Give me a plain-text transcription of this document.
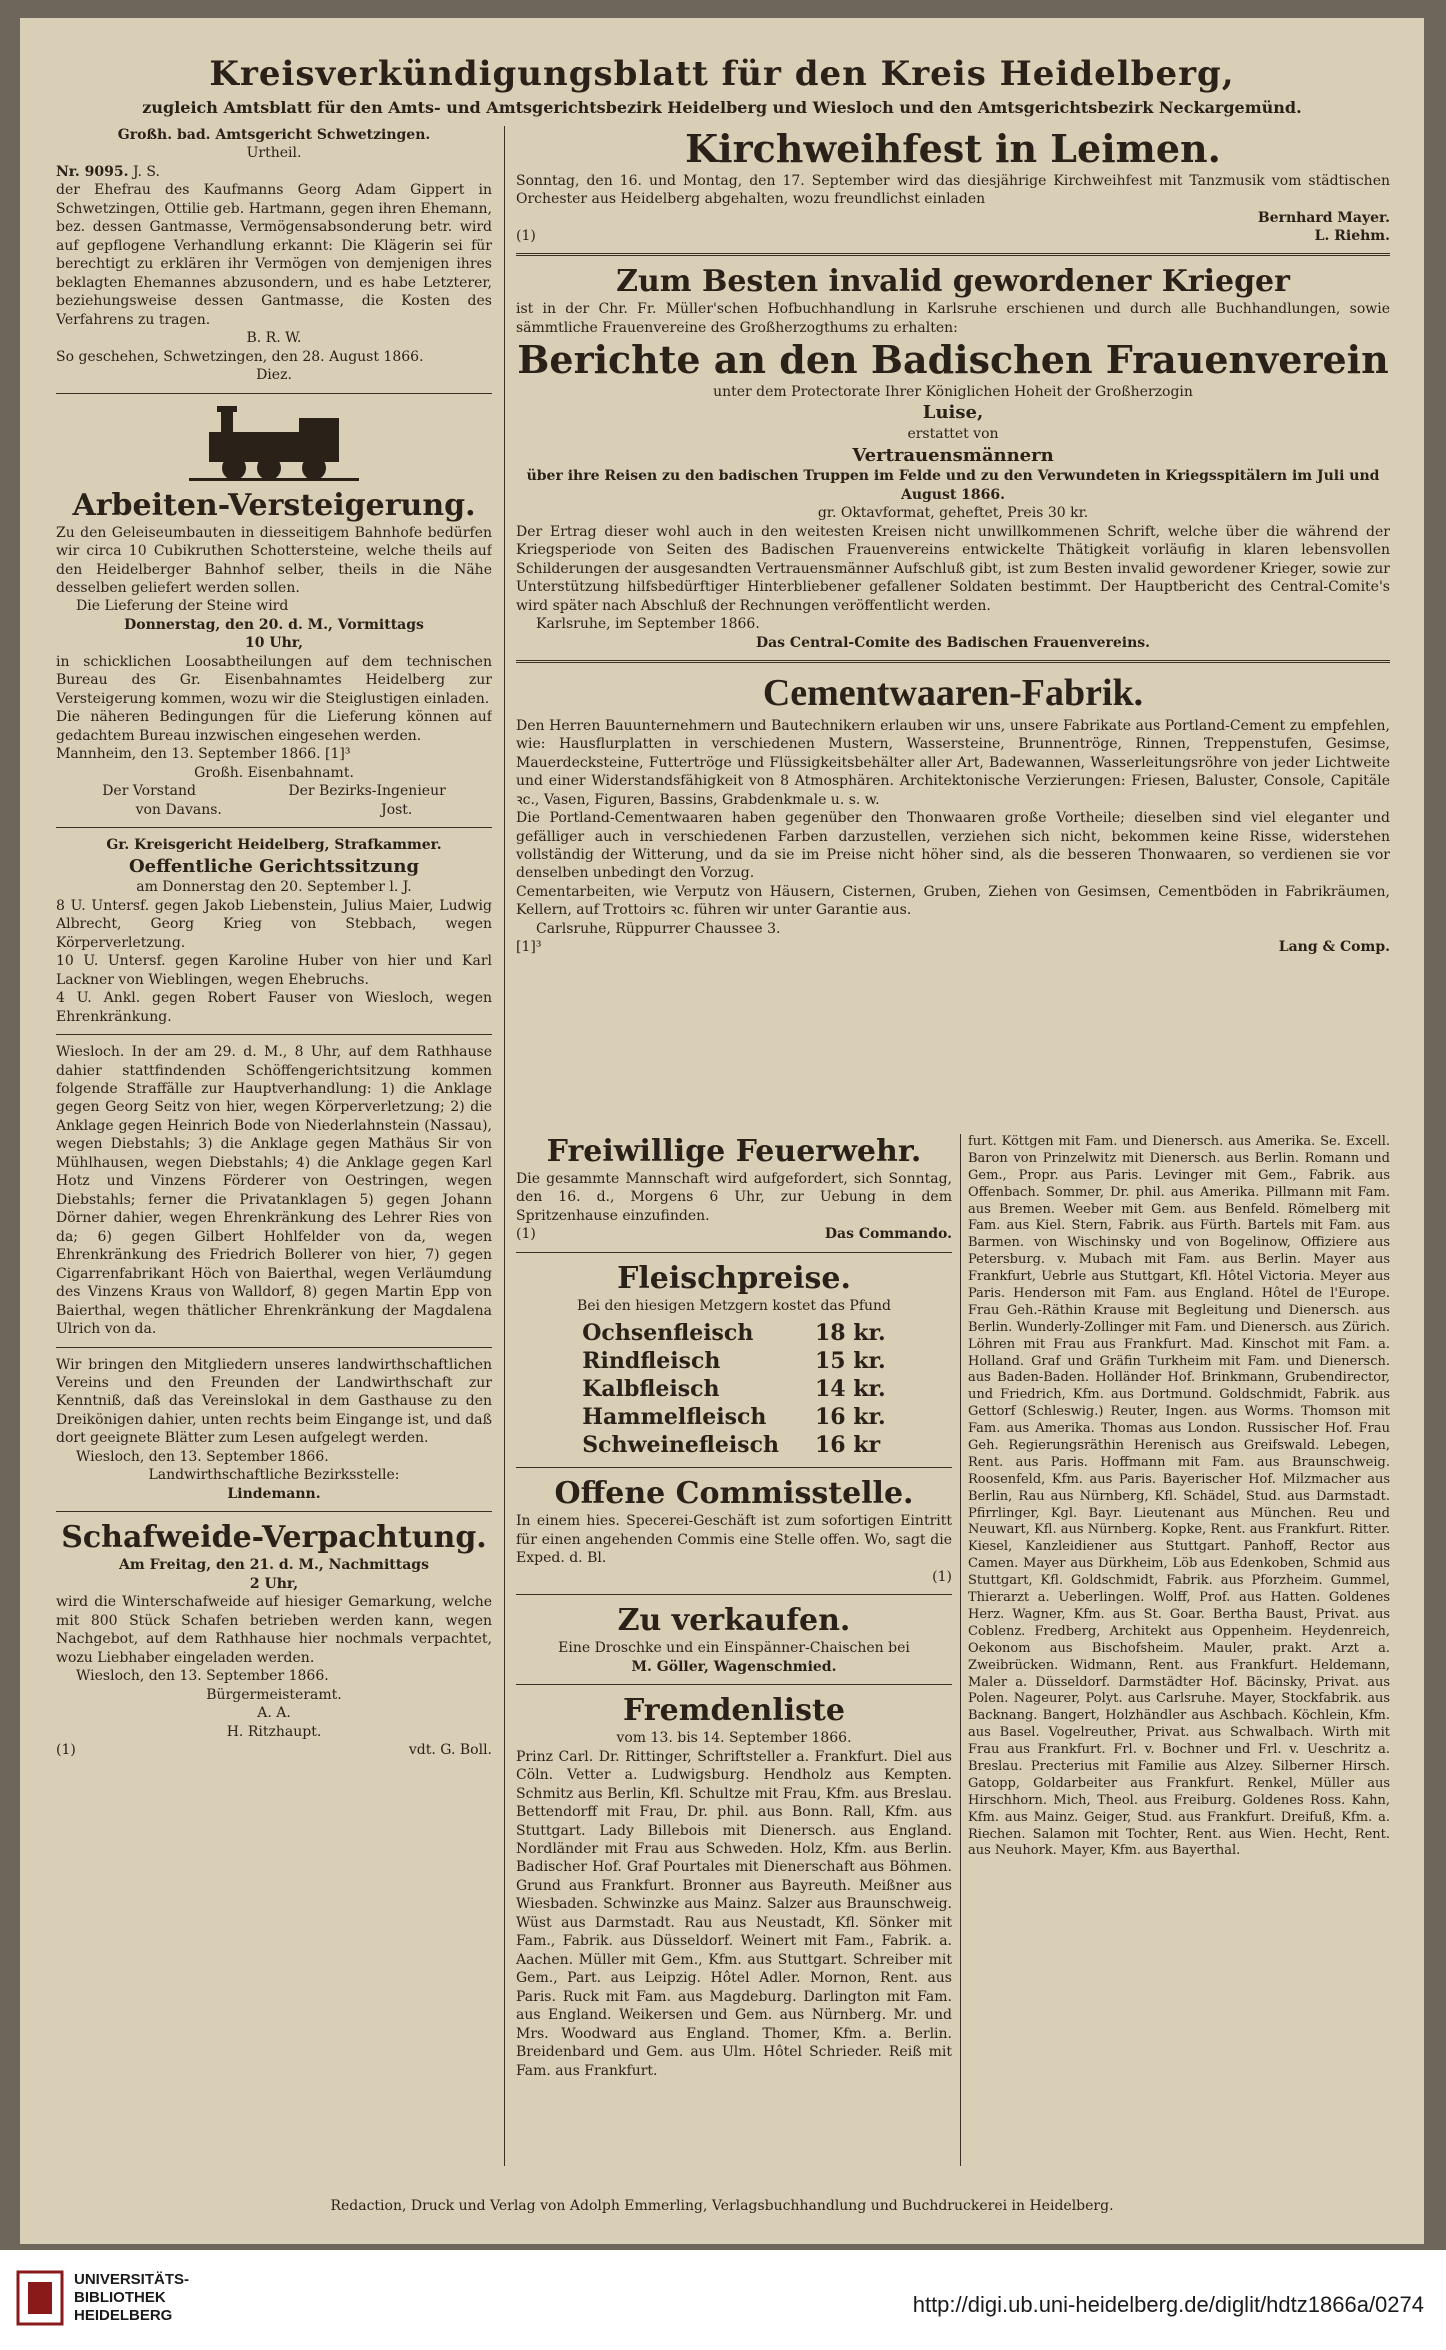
Kreisverkündigungsblatt für den Kreis Heidelberg,
zugleich Amtsblatt für den Amts- und Amtsgerichtsbezirk Heidelberg und Wiesloch und den Amtsgerichtsbezirk Neckargemünd.

Großh. bad. Amtsgericht Schwetzingen.

Urtheil.

Nr. 9095. J. S.

der Ehefrau des Kaufmanns Georg Adam Gippert in Schwetzingen, Ottilie geb. Hartmann, gegen ihren Ehemann, bez. dessen Gantmasse, Vermögensabsonderung betr. wird auf gepflogene Verhandlung erkannt: Die Klägerin sei für berechtigt zu erklären ihr Vermögen von demjenigen ihres beklagten Ehemannes abzusondern, und es habe Letzterer, beziehungsweise dessen Gantmasse, die Kosten des Verfahrens zu tragen.

B. R. W.

So geschehen, Schwetzingen, den 28. August 1866.

Diez.

Arbeiten-Versteigerung.

Zu den Geleiseumbauten in diesseitigem Bahnhofe bedürfen wir circa 10 Cubikruthen Schottersteine, welche theils auf den Heidelberger Bahnhof selber, theils in die Nähe desselben geliefert werden sollen.

Die Lieferung der Steine wird

Donnerstag, den 20. d. M., Vormittags

10 Uhr,

in schicklichen Loosabtheilungen auf dem technischen Bureau des Gr. Eisenbahnamtes Heidelberg zur Versteigerung kommen, wozu wir die Steiglustigen einladen.

Die näheren Bedingungen für die Lieferung können auf gedachtem Bureau inzwischen eingesehen werden.

Mannheim, den 13. September 1866. [1]³

Großh. Eisenbahnamt.

Der Vorstand	Der Bezirks-Ingenieur

von Davans.	Jost.

Gr. Kreisgericht Heidelberg, Strafkammer.

Oeffentliche Gerichtssitzung

am Donnerstag den 20. September l. J.

8 U. Untersf. gegen Jakob Liebenstein, Julius Maier, Ludwig Albrecht, Georg Krieg von Stebbach, wegen Körperverletzung.

10 U. Untersf. gegen Karoline Huber von hier und Karl Lackner von Wieblingen, wegen Ehebruchs.

4 U. Ankl. gegen Robert Fauser von Wiesloch, wegen Ehrenkränkung.

Wiesloch. In der am 29. d. M., 8 Uhr, auf dem Rathhause dahier stattfindenden Schöffengerichtsitzung kommen folgende Straffälle zur Hauptverhandlung: 1) die Anklage gegen Georg Seitz von hier, wegen Körperverletzung; 2) die Anklage gegen Heinrich Bode von Niederlahnstein (Nassau), wegen Diebstahls; 3) die Anklage gegen Mathäus Sir von Mühlhausen, wegen Diebstahls; 4) die Anklage gegen Karl Hotz und Vinzens Förderer von Oestringen, wegen Diebstahls; ferner die Privatanklagen 5) gegen Johann Dörner dahier, wegen Ehrenkränkung des Lehrer Ries von da; 6) gegen Gilbert Hohlfelder von da, wegen Ehrenkränkung des Friedrich Bollerer von hier, 7) gegen Cigarrenfabrikant Höch von Baierthal, wegen Verläumdung des Vinzens Kraus von Walldorf, 8) gegen Martin Epp von Baierthal, wegen thätlicher Ehrenkränkung der Magdalena Ulrich von da.

Wir bringen den Mitgliedern unseres landwirthschaftlichen Vereins und den Freunden der Landwirthschaft zur Kenntniß, daß das Vereinslokal in dem Gasthause zu den Dreikönigen dahier, unten rechts beim Eingange ist, und daß dort geeignete Blätter zum Lesen aufgelegt werden.

Wiesloch, den 13. September 1866.

Landwirthschaftliche Bezirksstelle:

Lindemann.

Schafweide-Verpachtung.

Am Freitag, den 21. d. M., Nachmittags

2 Uhr,

wird die Winterschafweide auf hiesiger Gemarkung, welche mit 800 Stück Schafen betrieben werden kann, wegen Nachgebot, auf dem Rathhause hier nochmals verpachtet, wozu Liebhaber eingeladen werden.

Wiesloch, den 13. September 1866.

Bürgermeisteramt.

A. A.

H. Ritzhaupt.

(1)	vdt. G. Boll.

Kirchweihfest in Leimen.

Sonntag, den 16. und Montag, den 17. September wird das diesjährige Kirchweihfest mit Tanzmusik vom städtischen Orchester aus Heidelberg abgehalten, wozu freundlichst einladen

Bernhard Mayer.

(1)	L. Riehm.

Zum Besten invalid gewordener Krieger

ist in der Chr. Fr. Müller'schen Hofbuchhandlung in Karlsruhe erschienen und durch alle Buchhandlungen, sowie sämmtliche Frauenvereine des Großherzogthums zu erhalten:

Berichte an den Badischen Frauenverein

unter dem Protectorate Ihrer Königlichen Hoheit der Großherzogin

Luise,

erstattet von

Vertrauensmännern

über ihre Reisen zu den badischen Truppen im Felde und zu den Verwundeten in Kriegsspitälern im Juli und August 1866.

gr. Oktavformat, geheftet, Preis 30 kr.

Der Ertrag dieser wohl auch in den weitesten Kreisen nicht unwillkommenen Schrift, welche über die während der Kriegsperiode von Seiten des Badischen Frauenvereins entwickelte Thätigkeit vorläufig in klaren lebensvollen Schilderungen der ausgesandten Vertrauensmänner Aufschluß gibt, ist zum Besten invalid gewordener Krieger, sowie zur Unterstützung hilfsbedürftiger Hinterbliebener gefallener Soldaten bestimmt. Der Hauptbericht des Central-Comite's wird später nach Abschluß der Rechnungen veröffentlicht werden.

Karlsruhe, im September 1866.

Das Central-Comite des Badischen Frauenvereins.

Cementwaaren-Fabrik.

Den Herren Bauunternehmern und Bautechnikern erlauben wir uns, unsere Fabrikate aus Portland-Cement zu empfehlen, wie: Hausflurplatten in verschiedenen Mustern, Wassersteine, Brunnentröge, Rinnen, Treppenstufen, Gesimse, Mauerdecksteine, Futtertröge und Flüssigkeitsbehälter aller Art, Badewannen, Wasserleitungsröhre von jeder Lichtweite und einer Widerstandsfähigkeit von 8 Atmosphären. Architektonische Verzierungen: Friesen, Baluster, Console, Capitäle ꝛc., Vasen, Figuren, Bassins, Grabdenkmale u. s. w.

Die Portland-Cementwaaren haben gegenüber den Thonwaaren große Vortheile; dieselben sind viel eleganter und gefälliger auch in verschiedenen Farben darzustellen, verziehen sich nicht, bekommen keine Risse, widerstehen vollständig der Witterung, und da sie im Preise nicht höher sind, als die besseren Thonwaaren, so verdienen sie vor denselben unbedingt den Vorzug.

Cementarbeiten, wie Verputz von Häusern, Cisternen, Gruben, Ziehen von Gesimsen, Cementböden in Fabrikräumen, Kellern, auf Trottoirs ꝛc. führen wir unter Garantie aus.

Carlsruhe, Rüppurrer Chaussee 3.

[1]³	Lang & Comp.

Freiwillige Feuerwehr.

Die gesammte Mannschaft wird aufgefordert, sich Sonntag, den 16. d., Morgens 6 Uhr, zur Uebung in dem Spritzenhause einzufinden.

(1)	Das Commando.

Fleischpreise.

Bei den hiesigen Metzgern kostet das Pfund

Ochsenfleisch	18 kr.
Rindfleisch	15 kr.
Kalbfleisch	14 kr.
Hammelfleisch	16 kr.
Schweinefleisch	16 kr
Offene Commisstelle.

In einem hies. Specerei-Geschäft ist zum sofortigen Eintritt für einen angehenden Commis eine Stelle offen. Wo, sagt die Exped. d. Bl.

(1)

Zu verkaufen.

Eine Droschke und ein Einspänner-Chaischen bei

M. Göller, Wagenschmied.

Fremdenliste

vom 13. bis 14. September 1866.

Prinz Carl. Dr. Rittinger, Schriftsteller a. Frankfurt. Diel aus Cöln. Vetter a. Ludwigsburg. Hendholz aus Kempten. Schmitz aus Berlin, Kfl. Schultze mit Frau, Kfm. aus Breslau. Bettendorff mit Frau, Dr. phil. aus Bonn. Rall, Kfm. aus Stuttgart. Lady Billebois mit Dienersch. aus England. Nordländer mit Frau aus Schweden. Holz, Kfm. aus Berlin. Badischer Hof. Graf Pourtales mit Dienerschaft aus Böhmen. Grund aus Frankfurt. Bronner aus Bayreuth. Meißner aus Wiesbaden. Schwinzke aus Mainz. Salzer aus Braunschweig. Wüst aus Darmstadt. Rau aus Neustadt, Kfl. Sönker mit Fam., Fabrik. aus Düsseldorf. Weinert mit Fam., Fabrik. a. Aachen. Müller mit Gem., Kfm. aus Stuttgart. Schreiber mit Gem., Part. aus Leipzig. Hôtel Adler. Mornon, Rent. aus Paris. Ruck mit Fam. aus Magdeburg. Darlington mit Fam. aus England. Weikersen und Gem. aus Nürnberg. Mr. und Mrs. Woodward aus England. Thomer, Kfm. a. Berlin. Breidenbard und Gem. aus Ulm. Hôtel Schrieder. Reiß mit Fam. aus Frankfurt.

furt. Köttgen mit Fam. und Dienersch. aus Amerika. Se. Excell. Baron von Prinzelwitz mit Dienersch. aus Berlin. Romann und Gem., Propr. aus Paris. Levinger mit Gem., Fabrik. aus Offenbach. Sommer, Dr. phil. aus Amerika. Pillmann mit Fam. aus Bremen. Weeber mit Gem. aus Benfeld. Römelberg mit Fam. aus Kiel. Stern, Fabrik. aus Fürth. Bartels mit Fam. aus Barmen. von Wischinsky und von Bogelinow, Offiziere aus Petersburg. v. Mubach mit Fam. aus Berlin. Mayer aus Frankfurt, Uebrle aus Stuttgart, Kfl. Hôtel Victoria. Meyer aus Paris. Henderson mit Fam. aus England. Hôtel de l'Europe. Frau Geh.-Räthin Krause mit Begleitung und Dienersch. aus Berlin. Wunderly-Zollinger mit Fam. und Dienersch. aus Zürich. Löhren mit Frau aus Frankfurt. Mad. Kinschot mit Fam. a. Holland. Graf und Gräfin Turkheim mit Fam. und Dienersch. aus Baden-Baden. Holländer Hof. Brinkmann, Grubendirector, und Friedrich, Kfm. aus Dortmund. Goldschmidt, Fabrik. aus Gettorf (Schleswig.) Reuter, Ingen. aus Worms. Thomson mit Fam. aus Amerika. Thomas aus London. Russischer Hof. Frau Geh. Regierungsräthin Herenisch aus Greifswald. Lebegen, Rent. aus Paris. Hoffmann mit Fam. aus Braunschweig. Roosenfeld, Kfm. aus Paris. Bayerischer Hof. Milzmacher aus Berlin, Rau aus Nürnberg, Kfl. Schädel, Stud. aus Darmstadt. Pfirrlinger, Kgl. Bayr. Lieutenant aus München. Reu und Neuwart, Kfl. aus Nürnberg. Kopke, Rent. aus Frankfurt. Ritter. Kiesel, Kanzleidiener aus Stuttgart. Panhoff, Rector aus Camen. Mayer aus Dürkheim, Löb aus Edenkoben, Schmid aus Stuttgart, Kfl. Goldschmidt, Fabrik. aus Pforzheim. Gummel, Thierarzt a. Ueberlingen. Wolff, Prof. aus Hatten. Goldenes Herz. Wagner, Kfm. aus St. Goar. Bertha Baust, Privat. aus Coblenz. Fredberg, Architekt aus Oppenheim. Heydenreich, Oekonom aus Bischofsheim. Mauler, prakt. Arzt a. Zweibrücken. Widmann, Rent. aus Frankfurt. Heldemann, Maler a. Düsseldorf. Darmstädter Hof. Bäcinsky, Privat. aus Polen. Nageurer, Polyt. aus Carlsruhe. Mayer, Stockfabrik. aus Backnang. Bangert, Holzhändler aus Aschbach. Köchlein, Kfm. aus Basel. Vogelreuther, Privat. aus Schwalbach. Wirth mit Frau aus Frankfurt. Frl. v. Bochner und Frl. v. Ueschritz a. Breslau. Precterius mit Familie aus Alzey. Silberner Hirsch. Gatopp, Goldarbeiter aus Frankfurt. Renkel, Müller aus Hirschhorn. Mich, Theol. aus Freiburg. Goldenes Ross. Kahn, Kfm. aus Mainz. Geiger, Stud. aus Frankfurt. Dreifuß, Kfm. a. Riechen. Salamon mit Tochter, Rent. aus Wien. Hecht, Rent. aus Neuhork. Mayer, Kfm. aus Bayerthal.

Redaction, Druck und Verlag von Adolph Emmerling, Verlagsbuchhandlung und Buchdruckerei in Heidelberg.
UNIVERSITÄTS-
BIBLIOTHEK
HEIDELBERG	http://digi.ub.uni-heidelberg.de/diglit/hdtz1866a/0274
